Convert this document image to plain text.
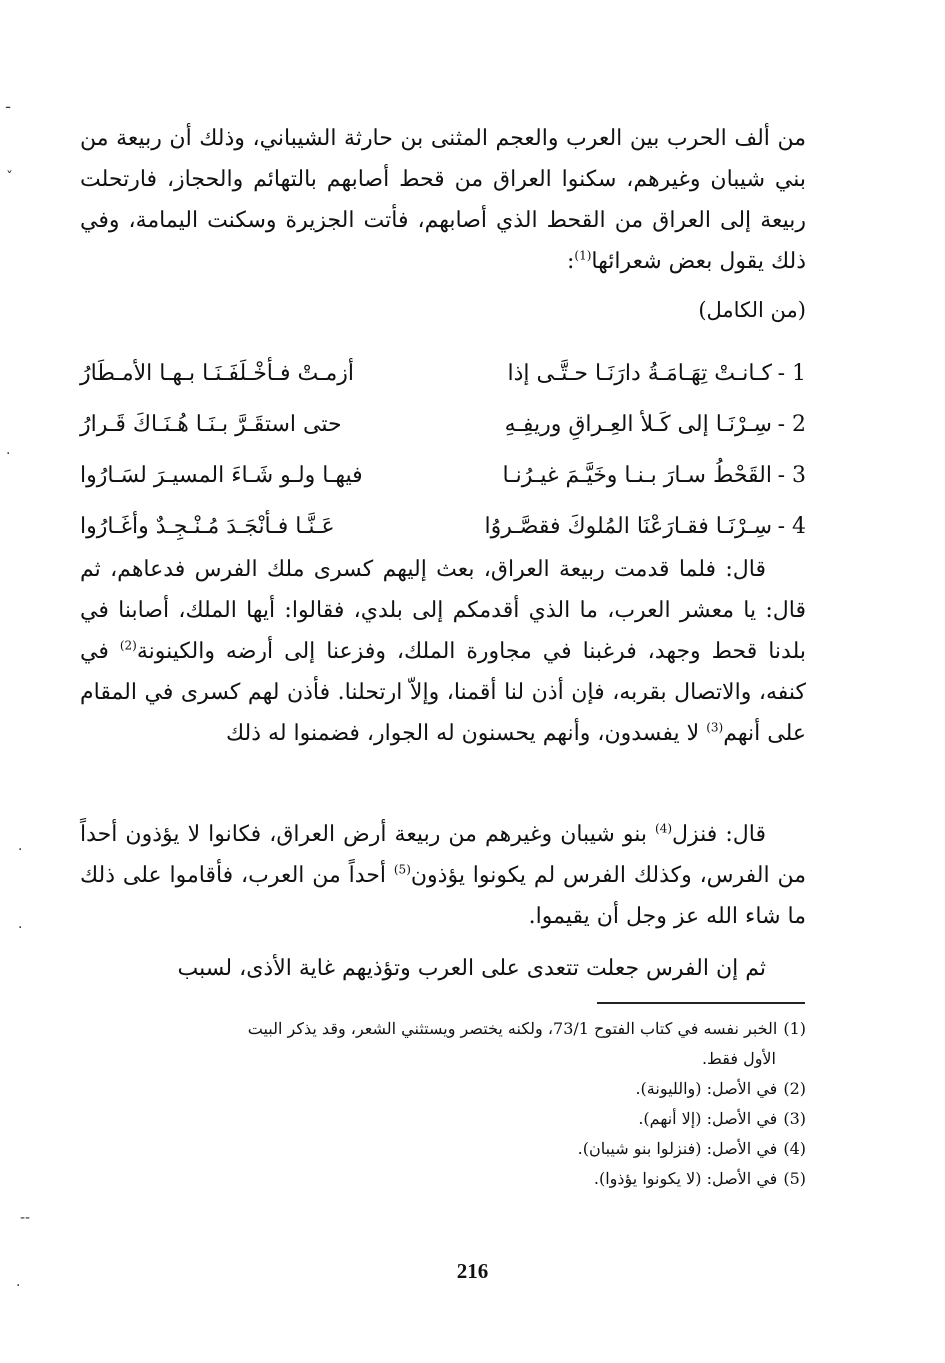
ـ
ˇ
·
·
·
--
·

من ألف الحرب بين العرب والعجم المثنى بن حارثة الشيباني، وذلك أن ربيعة من بني شيبان وغيرهم، سكنوا العراق من قحط أصابهم بالتهائم والحجاز، فارتحلت ربيعة إلى العراق من القحط الذي أصابهم، فأتت الجزيرة وسكنت اليمامة، وفي ذلك يقول بعض شعرائها$^{(1)}$:

(من الكامل)
1 -
كـانـتْ تِهَـامَـةُ دارَنَـا حـتَّـى إذا
أزمـتْ فـأخْـلَفَـنَـا بـهـا الأمـطَارُ
2 -
سِـرْنَـا إلى كَـلأ العِـراقِ وريفِـهِ
حتى استقَـرَّ بـنَـا هُـنَـاكَ قَـرارُ
3 -
القَحْطُ سـارَ بـنـا وخَيَّـمَ غيـرُنـا
فيهـا ولـو شَـاءَ المسيـرَ لسَـارُوا
4 -
سِـرْنَـا فقـارَعْنَا المُلوكَ فقصَّـروُا
عَـنَّـا فـأنْجَـدَ مُـنْـجِـدٌ وأغَـارُوا

قال: فلما قدمت ربيعة العراق، بعث إليهم كسرى ملك الفرس فدعاهم، ثم قال: يا معشر العرب، ما الذي أقدمكم إلى بلدي، فقالوا: أيها الملك، أصابنا في بلدنا قحط وجهد، فرغبنا في مجاورة الملك، وفزعنا إلى أرضه والكينونة$^{(2)}$ في كنفه، والاتصال بقربه، فإن أذن لنا أقمنا، وإلاّ ارتحلنا. فأذن لهم كسرى في المقام على أنهم$^{(3)}$ لا يفسدون، وأنهم يحسنون له الجوار، فضمنوا له ذلك

قال: فنزل$^{(4)}$ بنو شيبان وغيرهم من ربيعة أرض العراق، فكانوا لا يؤذون أحداً من الفرس، وكذلك الفرس لم يكونوا يؤذون$^{(5)}$ أحداً من العرب، فأقاموا على ذلك ما شاء الله عز وجل أن يقيموا.

ثم إن الفرس جعلت تتعدى على العرب وتؤذيهم غاية الأذى، لسبب

(1)الخبر نفسه في كتاب الفتوح 73/1، ولكنه يختصر ويستثني الشعر، وقد يذكر البيت

الأول فقط.

(2)في الأصل: (والليونة).

(3)في الأصل: (إلا أنهم).

(4)في الأصل: (فنزلوا بنو شيبان).

(5)في الأصل: (لا يكونوا يؤذوا).

216
